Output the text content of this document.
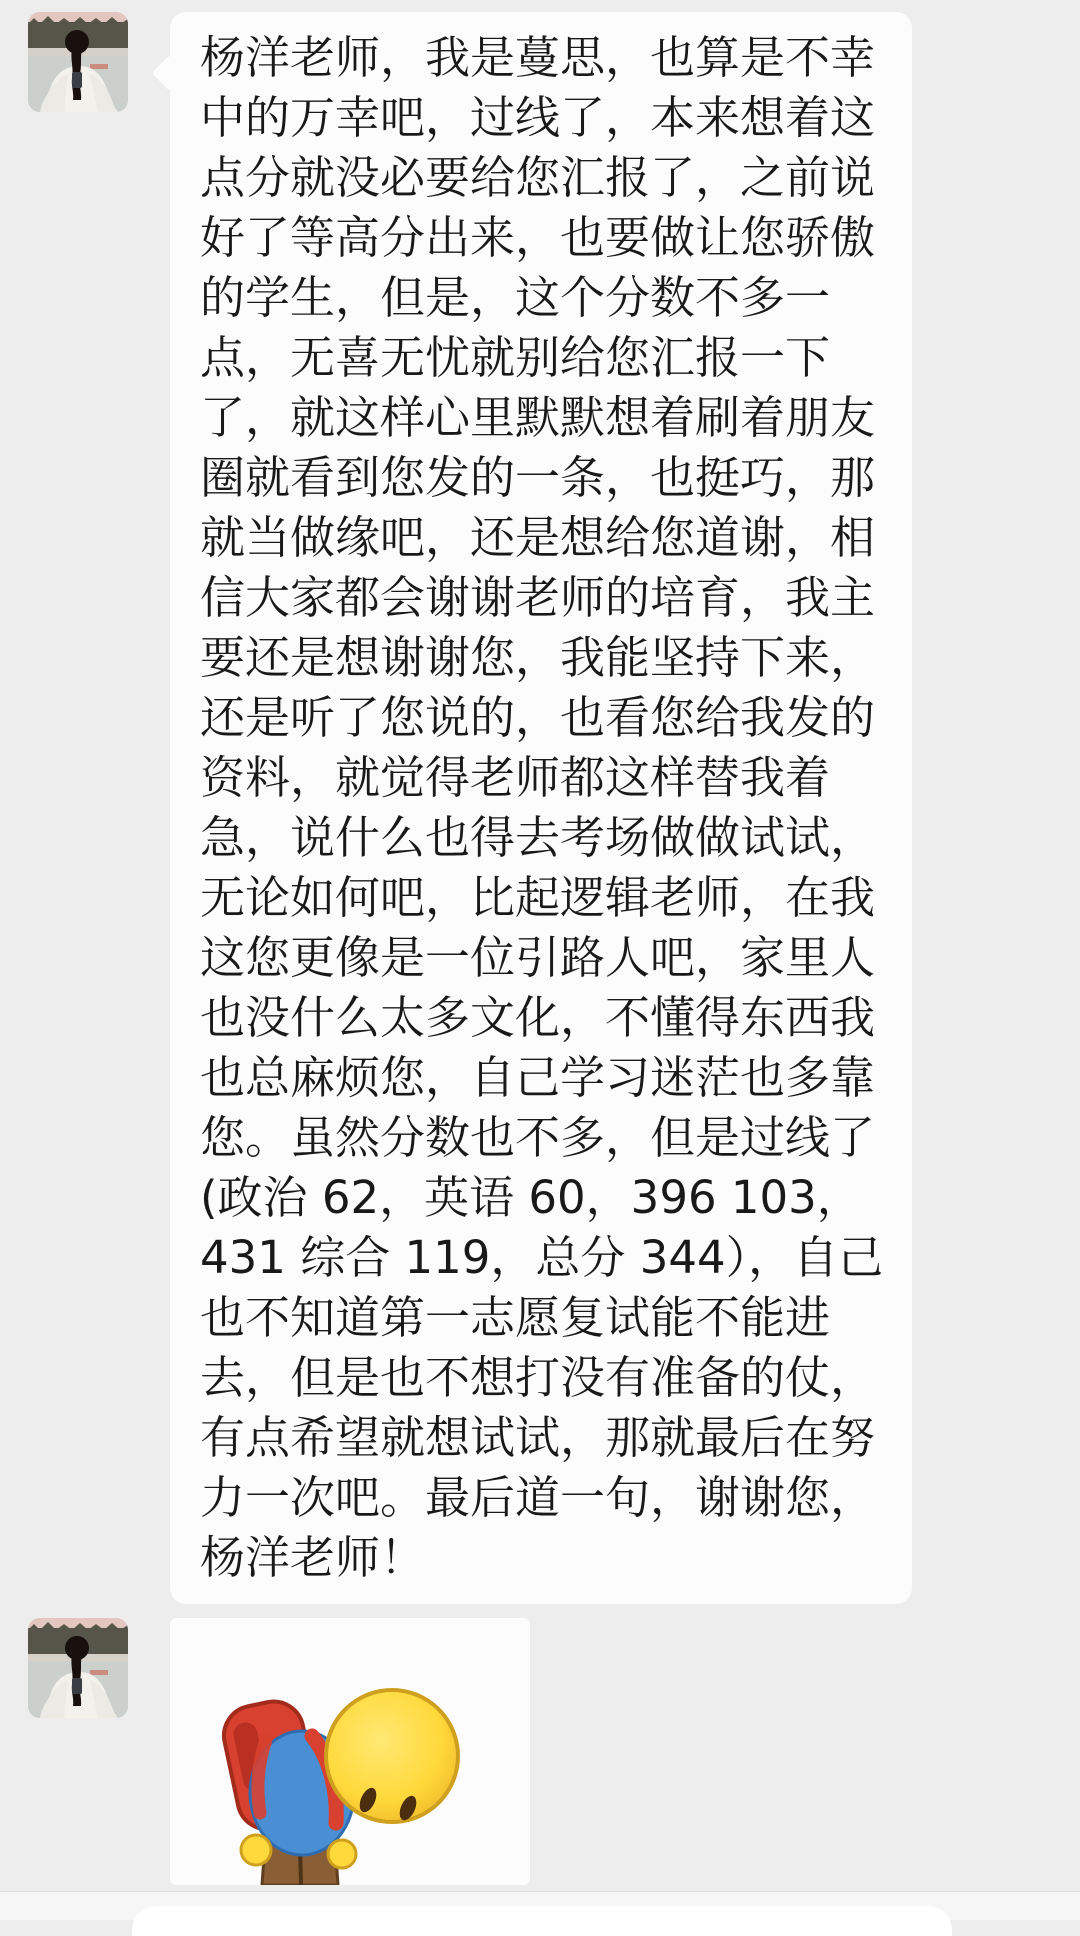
杨洋老师，我是蔓思，也算是不幸
中的万幸吧，过线了，本来想着这
点分就没必要给您汇报了，之前说
好了等高分出来，也要做让您骄傲
的学生，但是，这个分数不多一
点，无喜无忧就别给您汇报一下
了，就这样心里默默想着刷着朋友
圈就看到您发的一条，也挺巧，那
就当做缘吧，还是想给您道谢，相
信大家都会谢谢老师的培育，我主
要还是想谢谢您，我能坚持下来，
还是听了您说的，也看您给我发的
资料，就觉得老师都这样替我着
急，说什么也得去考场做做试试，
无论如何吧，比起逻辑老师，在我
这您更像是一位引路人吧，家里人
也没什么太多文化，不懂得东西我
也总麻烦您，自己学习迷茫也多靠
您。虽然分数也不多，但是过线了
(政治 62，英语 60，396 103，
431 综合 119，总分 344），自己
也不知道第一志愿复试能不能进
去，但是也不想打没有准备的仗，
有点希望就想试试，那就最后在努
力一次吧。最后道一句，谢谢您，
杨洋老师！
